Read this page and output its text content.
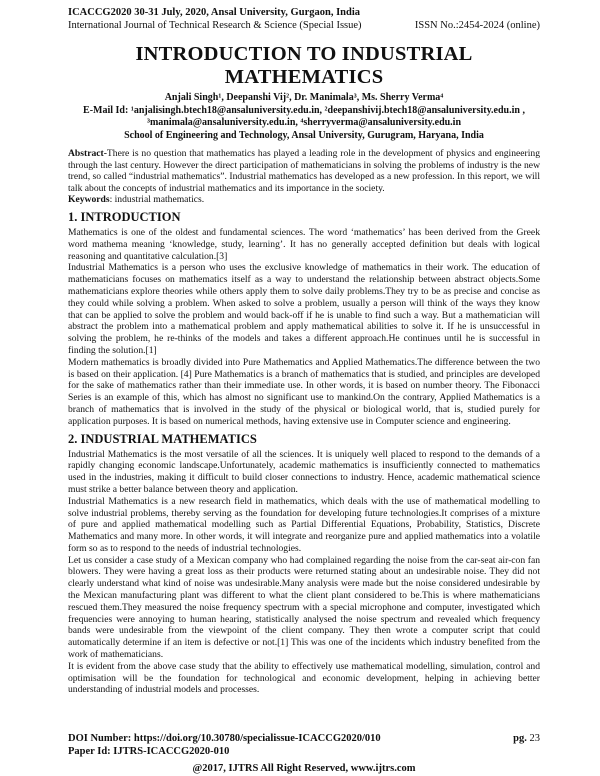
ICACCG2020 30-31 July, 2020, Ansal University, Gurgaon, India
International Journal of Technical Research & Science (Special Issue)	ISSN No.:2454-2024 (online)
INTRODUCTION TO INDUSTRIAL
MATHEMATICS

Anjali Singh¹, Deepanshi Vij², Dr. Manimala³, Ms. Sherry Verma⁴

E-Mail Id: ¹anjalisingh.btech18@ansaluniversity.edu.in, ²deepanshivij.btech18@ansaluniversity.edu.in ,

³manimala@ansaluniversity.edu.in, ⁴sherryverma@ansaluniversity.edu.in

School of Engineering and Technology, Ansal University, Gurugram, Haryana, India

Abstract-There is no question that mathematics has played a leading role in the development of physics and engineering through the last century. However the direct participation of mathematicians in solving the problems of industry is the new trend, so called “industrial mathematics”. Industrial mathematics has developed as a new profession. In this report, we will talk about the concepts of industrial mathematics and its importance in the society.
Keywords: industrial mathematics.
1. INTRODUCTION

Mathematics is one of the oldest and fundamental sciences. The word ‘mathematics’ has been derived from the Greek word mathema meaning ‘knowledge, study, learning’. It has no generally accepted definition but deals with logical reasoning and quantitative calculation.[3]

Industrial Mathematics is a person who uses the exclusive knowledge of mathematics in their work. The education of mathematicians focuses on mathematics itself as a way to understand the relationship between abstract objects.Some mathematicians explore theories while others apply them to solve daily problems.They try to be as precise and concise as they could while solving a problem. When asked to solve a problem, usually a person will think of the ways they know that can be applied to solve the problem and would back-off if he is unable to find such a way. But a mathematician will abstract the problem into a mathematical problem and apply mathematical abilities to solve it. If he is unsuccessful in solving the problem, he re-thinks of the models and takes a different approach.He continues until he is successful in finding the solution.[1]

Modern mathematics is broadly divided into Pure Mathematics and Applied Mathematics.The difference between the two is based on their application. [4] Pure Mathematics is a branch of mathematics that is studied, and principles are developed for the sake of mathematics rather than their immediate use. In other words, it is based on number theory. The Fibonacci Series is an example of this, which has almost no significant use to mankind.On the contrary, Applied Mathematics is a branch of mathematics that is involved in the study of the physical or biological world, that is, studied purely for application purposes. It is based on numerical methods, having extensive use in Computer science and engineering.

2. INDUSTRIAL MATHEMATICS

Industrial Mathematics is the most versatile of all the sciences. It is uniquely well placed to respond to the demands of a rapidly changing economic landscape.Unfortunately, academic mathematics is insufficiently connected to mathematics used in the industries, making it difficult to build closer connections to industry. Hence, academic mathematical science must strike a better balance between theory and application.

Industrial Mathematics is a new research field in mathematics, which deals with the use of mathematical modelling to solve industrial problems, thereby serving as the foundation for developing future technologies.It comprises of a mixture of pure and applied mathematical modelling such as Partial Differential Equations, Probability, Statistics, Discrete Mathematics and many more. In other words, it will integrate and reorganize pure and applied mathematics into a volatile form so as to respond to the needs of industrial technologies.

Let us consider a case study of a Mexican company who had complained regarding the noise from the car-seat air-con fan blowers. They were having a great loss as their products were returned stating about an undesirable noise. They did not clearly understand what kind of noise was undesirable.Many analysis were made but the noise considered undesirable by the Mexican manufacturing plant was different to what the client plant considered to be.This is where mathematicians rescued them.They measured the noise frequency spectrum with a special microphone and computer, investigated which frequencies were annoying to human hearing, statistically analysed the noise spectrum and revealed which frequency bands were undesirable from the viewpoint of the client company. They then wrote a computer script that could automatically determine if an item is defective or not.[1] This was one of the incidents which industry benefited from the work of mathematicians.

It is evident from the above case study that the ability to effectively use mathematical modelling, simulation, control and optimisation will be the foundation for technological and economic development, helping in achieving better understanding of industrial models and processes.

DOI Number: https://doi.org/10.30780/specialissue-ICACCG2020/010	pg. 23
Paper Id: IJTRS-ICACCG2020-010
@2017, IJTRS All Right Reserved, www.ijtrs.com
